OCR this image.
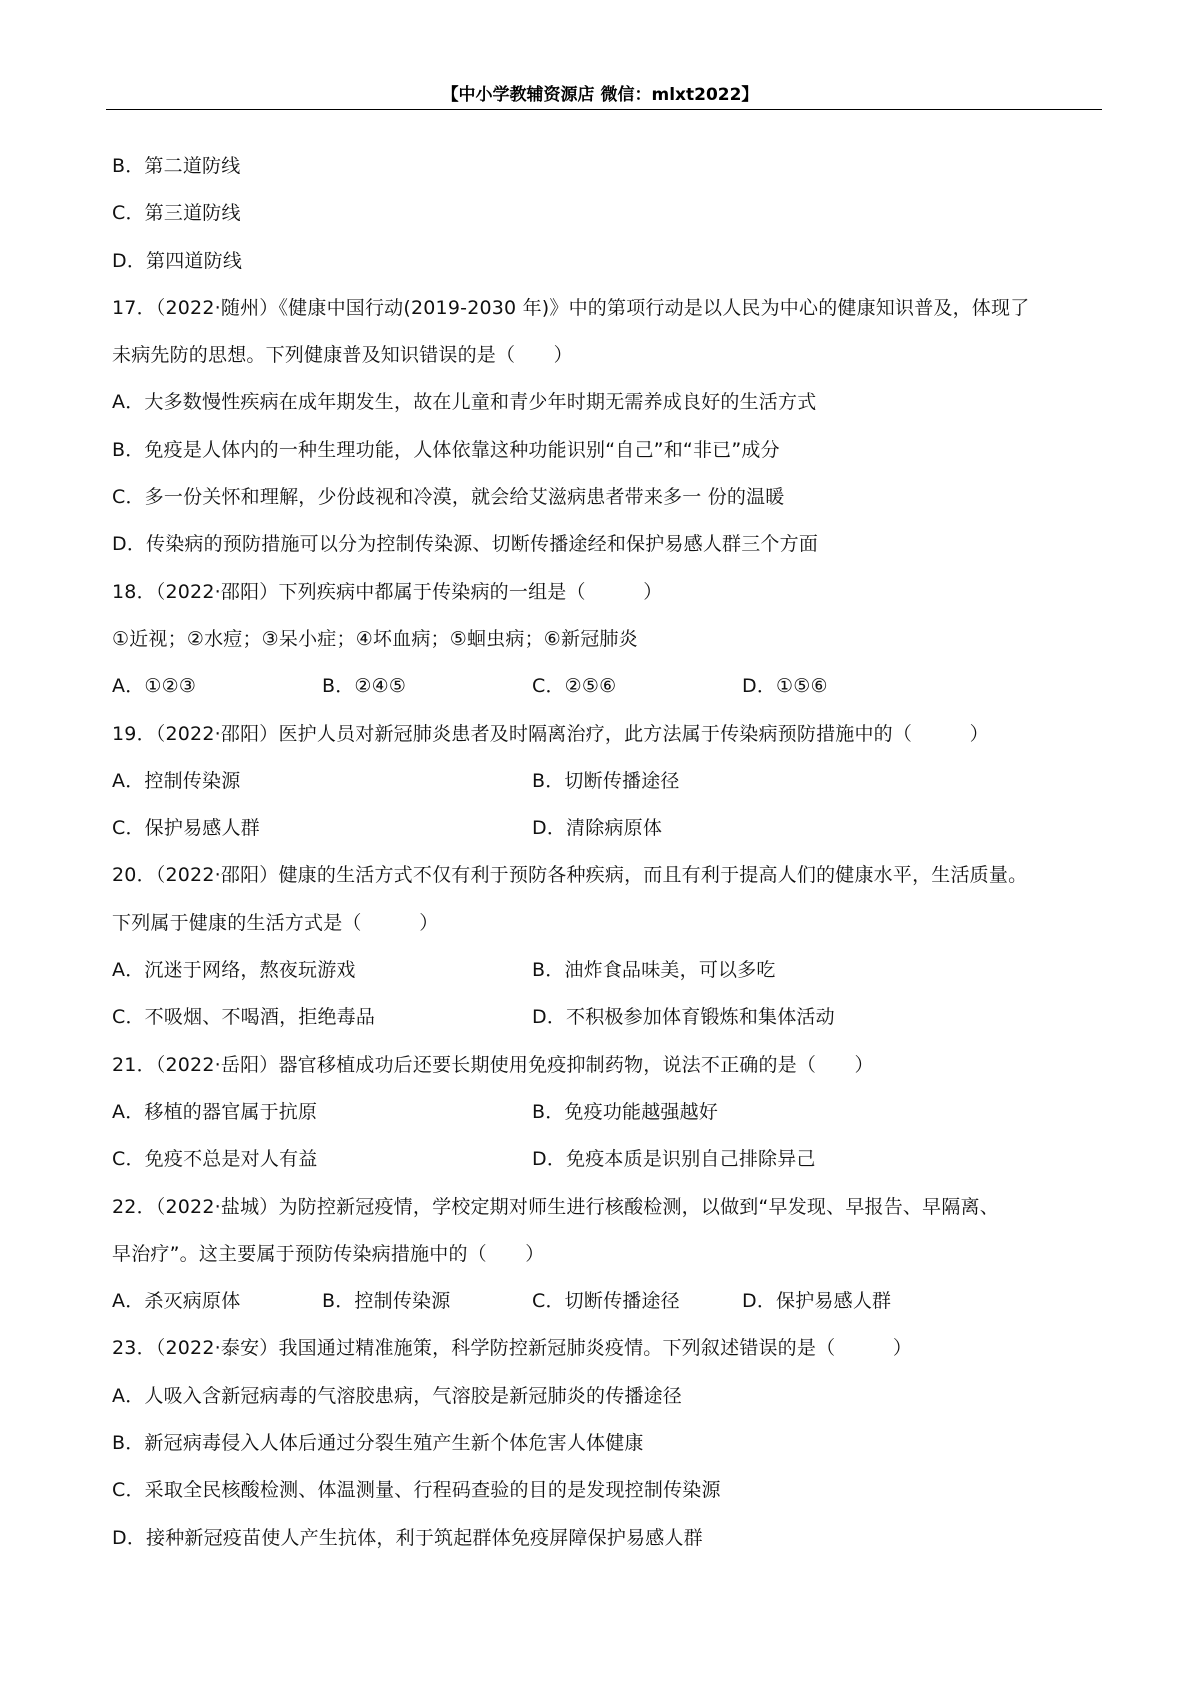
【中小学教辅资源店 微信：mlxt2022】
B．第二道防线
C．第三道防线
D．第四道防线
17．（2022·随州）《健康中国行动(2019-2030 年)》中的第项行动是以人民为中心的健康知识普及，体现了
未病先防的思想。下列健康普及知识错误的是（　　）
A．大多数慢性疾病在成年期发生，故在儿童和青少年时期无需养成良好的生活方式
B．免疫是人体内的一种生理功能，人体依靠这种功能识别“自己”和“非已”成分
C．多一份关怀和理解，少份歧视和冷漠，就会给艾滋病患者带来多一 份的温暖
D．传染病的预防措施可以分为控制传染源、切断传播途经和保护易感人群三个方面
18．（2022·邵阳）下列疾病中都属于传染病的一组是（　　　）
①近视；②水痘；③呆小症；④坏血病；⑤蛔虫病；⑥新冠肺炎
A．①②③	B．②④⑤	C．②⑤⑥	D．①⑤⑥
19．（2022·邵阳）医护人员对新冠肺炎患者及时隔离治疗，此方法属于传染病预防措施中的（　　　）
A．控制传染源	B．切断传播途径
C．保护易感人群	D．清除病原体
20．（2022·邵阳）健康的生活方式不仅有利于预防各种疾病，而且有利于提高人们的健康水平，生活质量。
下列属于健康的生活方式是（　　　）
A．沉迷于网络，熬夜玩游戏	B．油炸食品味美，可以多吃
C．不吸烟、不喝酒，拒绝毒品	D．不积极参加体育锻炼和集体活动
21．（2022·岳阳）器官移植成功后还要长期使用免疫抑制药物，说法不正确的是（　　）
A．移植的器官属于抗原	B．免疫功能越强越好
C．免疫不总是对人有益	D．免疫本质是识别自己排除异己
22．（2022·盐城）为防控新冠疫情，学校定期对师生进行核酸检测，以做到“早发现、早报告、早隔离、
早治疗”。这主要属于预防传染病措施中的（　　）
A．杀灭病原体	B．控制传染源	C．切断传播途径	D．保护易感人群
23．（2022·泰安）我国通过精准施策，科学防控新冠肺炎疫情。下列叙述错误的是（　　　）
A．人吸入含新冠病毒的气溶胶患病，气溶胶是新冠肺炎的传播途径
B．新冠病毒侵入人体后通过分裂生殖产生新个体危害人体健康
C．采取全民核酸检测、体温测量、行程码查验的目的是发现控制传染源
D．接种新冠疫苗使人产生抗体，利于筑起群体免疫屏障保护易感人群
